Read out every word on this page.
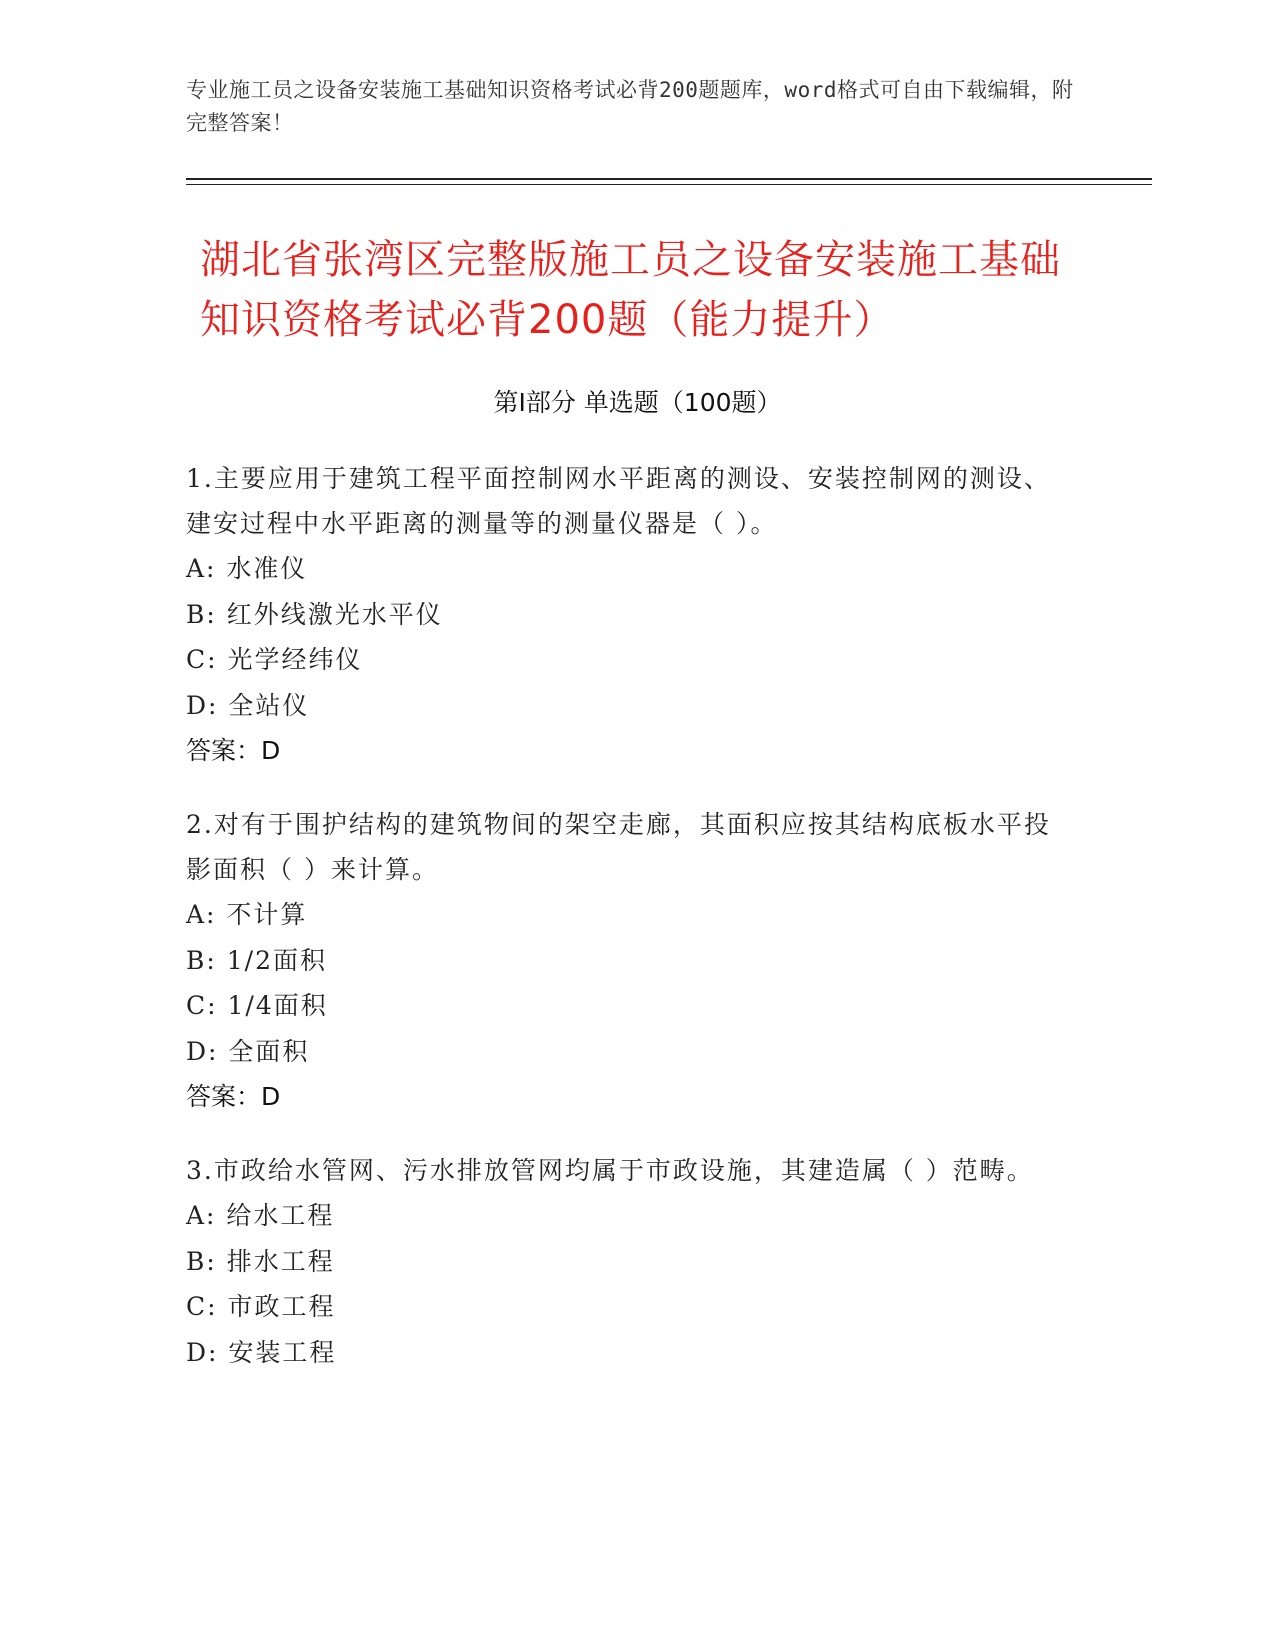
专业施工员之设备安装施工基础知识资格考试必背200题题库，word格式可自由下载编辑，附完整答案！
湖北省张湾区完整版施工员之设备安装施工基础知识资格考试必背200题（能力提升）
第Ⅰ部分 单选题（100题）
1.主要应用于建筑工程平面控制网水平距离的测设、安装控制网的测设、建安过程中水平距离的测量等的测量仪器是（ ）。
A: 水准仪
B: 红外线激光水平仪
C: 光学经纬仪
D: 全站仪
答案：D
2.对有于围护结构的建筑物间的架空走廊，其面积应按其结构底板水平投影面积（ ）来计算。
A: 不计算
B: 1/2面积
C: 1/4面积
D: 全面积
答案：D
3.市政给水管网、污水排放管网均属于市政设施，其建造属（ ）范畴。
A: 给水工程
B: 排水工程
C: 市政工程
D: 安装工程
